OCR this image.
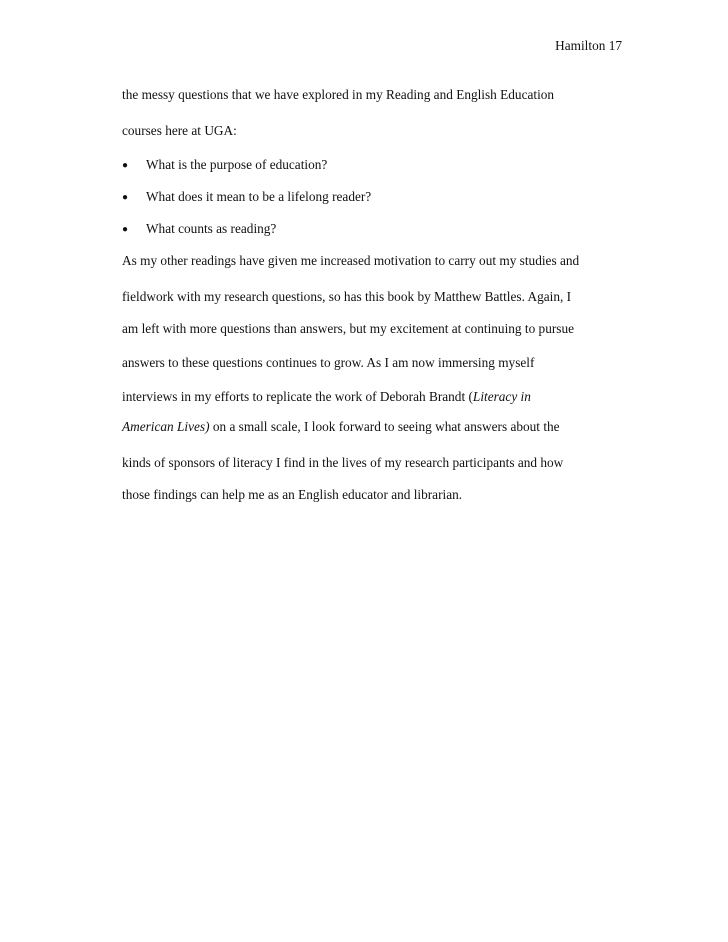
Hamilton 17
the messy questions that we have explored in my Reading and English Education
courses here at UGA:
● What is the purpose of education?
● What does it mean to be a lifelong reader?
● What counts as reading?
As my other readings have given me increased motivation to carry out my studies and
fieldwork with my research questions, so has this book by Matthew Battles. Again, I
am left with more questions than answers, but my excitement at continuing to pursue
answers to these questions continues to grow. As I am now immersing myself
interviews in my efforts to replicate the work of Deborah Brandt (Literacy in
American Lives) on a small scale, I look forward to seeing what answers about the
kinds of sponsors of literacy I find in the lives of my research participants and how
those findings can help me as an English educator and librarian.
